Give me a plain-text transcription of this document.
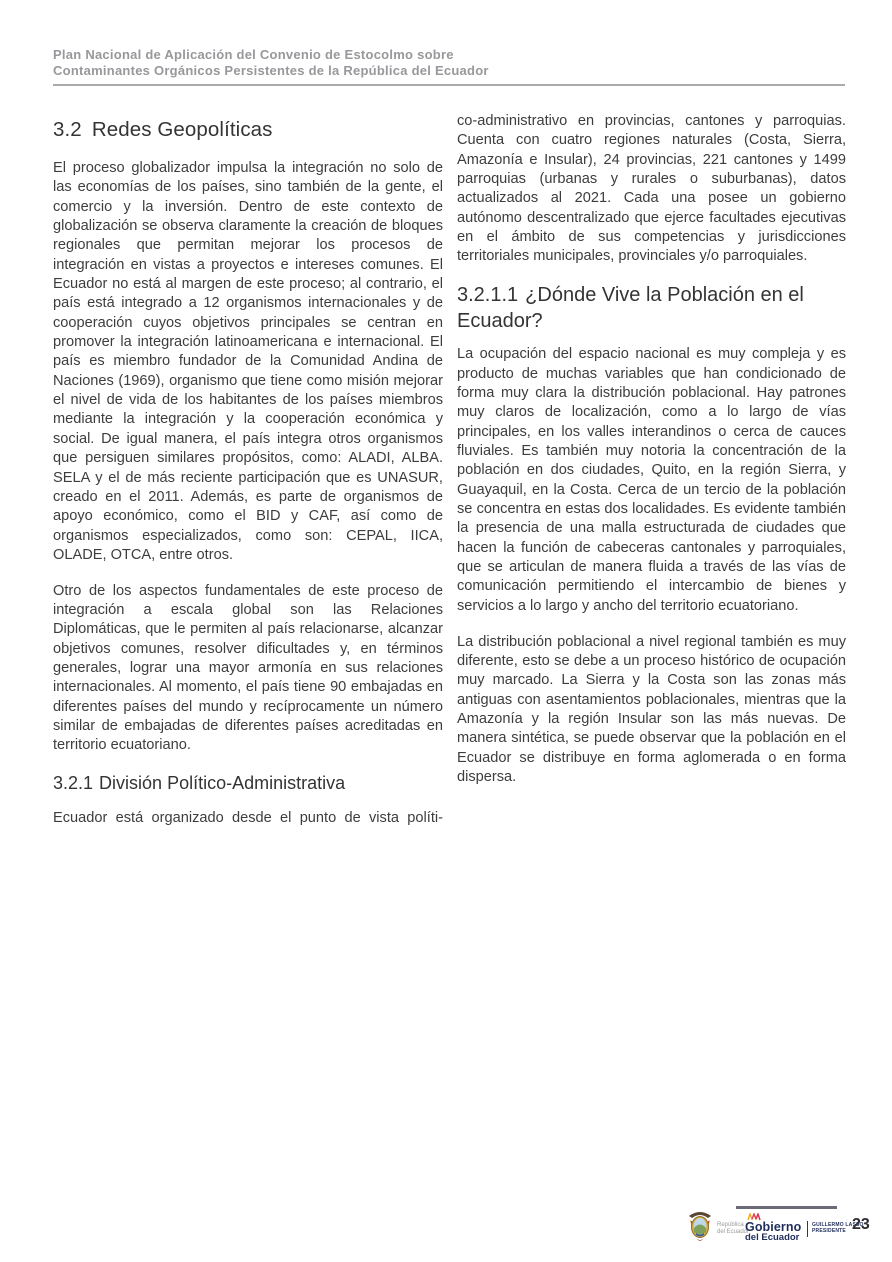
Plan Nacional de Aplicación del Convenio de Estocolmo sobre
Contaminantes Orgánicos Persistentes de la República del Ecuador
3.2 Redes Geopolíticas

El proceso globalizador impulsa la integración no solo de las economías de los países, sino también de la gente, el comercio y la inversión. Dentro de este contexto de globalización se observa claramente la creación de bloques regionales que permitan mejorar los procesos de integración en vistas a proyectos e intereses comunes. El Ecuador no está al margen de este proceso; al contrario, el país está integrado a 12 organismos internacionales y de cooperación cuyos objetivos principales se centran en promover la integración latinoamericana e internacional. El país es miembro fundador de la Comunidad Andina de Naciones (1969), organismo que tiene como misión mejorar el nivel de vida de los habitantes de los países miembros mediante la integración y la cooperación económica y social. De igual manera, el país integra otros organismos que persiguen similares propósitos, como: ALADI, ALBA. SELA y el de más reciente participación que es UNASUR, creado en el 2011. Además, es parte de organismos de apoyo económico, como el BID y CAF, así como de organismos especializados, como son: CEPAL, IICA, OLADE, OTCA, entre otros.

Otro de los aspectos fundamentales de este proceso de integración a escala global son las Relaciones Diplomáticas, que le permiten al país relacionarse, alcanzar objetivos comunes, resolver dificultades y, en términos generales, lograr una mayor armonía en sus relaciones internacionales. Al momento, el país tiene 90 embajadas en diferentes países del mundo y recíprocamente un número similar de embajadas de diferentes países acreditadas en territorio ecuatoriano.

3.2.1 División Político-Administrativa

Ecuador está organizado desde el punto de vista políti-

co-administrativo en provincias, cantones y parroquias. Cuenta con cuatro regiones naturales (Costa, Sierra, Amazonía e Insular), 24 provincias, 221 cantones y 1499 parroquias (urbanas y rurales o suburbanas), datos actualizados al 2021. Cada una posee un gobierno autónomo descentralizado que ejerce facultades ejecutivas en el ámbito de sus competencias y jurisdicciones territoriales municipales, provinciales y/o parroquiales.

3.2.1.1 ¿Dónde Vive la Población en el Ecuador?

La ocupación del espacio nacional es muy compleja y es producto de muchas variables que han condicionado de forma muy clara la distribución poblacional. Hay patrones muy claros de localización, como a lo largo de vías principales, en los valles interandinos o cerca de cauces fluviales. Es también muy notoria la concentración de la población en dos ciudades, Quito, en la región Sierra, y Guayaquil, en la Costa. Cerca de un tercio de la población se concentra en estas dos localidades. Es evidente también la presencia de una malla estructurada de ciudades que hacen la función de cabeceras cantonales y parroquiales, que se articulan de manera fluida a través de las vías de comunicación permitiendo el intercambio de bienes y servicios a lo largo y ancho del territorio ecuatoriano.

La distribución poblacional a nivel regional también es muy diferente, esto se debe a un proceso histórico de ocupación muy marcado. La Sierra y la Costa son las zonas más antiguas con asentamientos poblacionales, mientras que la Amazonía y la región Insular son las más nuevas. De manera sintética, se puede observar que la población en el Ecuador se distribuye en forma aglomerada o en forma dispersa.

República
del Ecuador
Gobierno
del Ecuador
GUILLERMO LASSO
PRESIDENTE 23
